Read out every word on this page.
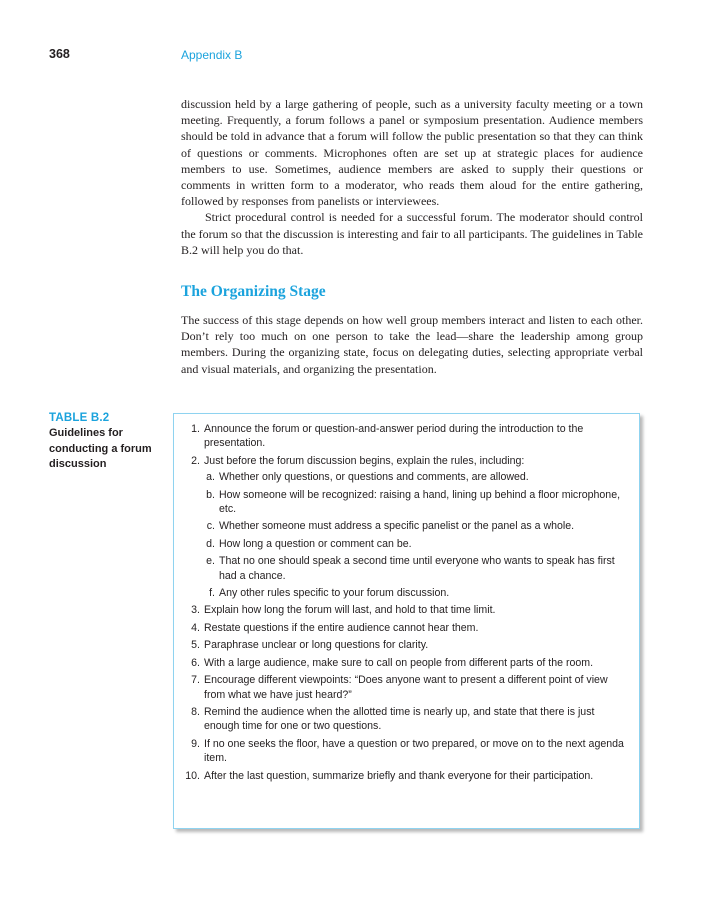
368	Appendix B

discussion held by a large gathering of people, such as a university faculty meeting or a town meeting. Frequently, a forum follows a panel or symposium presentation. Audience members should be told in advance that a forum will follow the public presentation so that they can think of questions or comments. Microphones often are set up at strategic places for audience members to use. Sometimes, audience members are asked to supply their questions or comments in written form to a moderator, who reads them aloud for the entire gathering, followed by responses from panelists or interviewees.

Strict procedural control is needed for a successful forum. The moderator should control the forum so that the discussion is interesting and fair to all participants. The guidelines in Table B.2 will help you do that.

The Organizing Stage

The success of this stage depends on how well group members interact and listen to each other. Don’t rely too much on one person to take the lead—share the leadership among group members. During the organizing state, focus on delegating duties, selecting appropriate verbal and visual materials, and organizing the presentation.

TABLE B.2

Guidelines for conducting a forum discussion

1. Announce the forum or question-and-answer period during the introduction to the presentation.
2. Just before the forum discussion begins, explain the rules, including:
a. Whether only questions, or questions and comments, are allowed.
b. How someone will be recognized: raising a hand, lining up behind a floor microphone, etc.
c. Whether someone must address a specific panelist or the panel as a whole.
d. How long a question or comment can be.
e. That no one should speak a second time until everyone who wants to speak has first had a chance.
f. Any other rules specific to your forum discussion.
3. Explain how long the forum will last, and hold to that time limit.
4. Restate questions if the entire audience cannot hear them.
5. Paraphrase unclear or long questions for clarity.
6. With a large audience, make sure to call on people from different parts of the room.
7. Encourage different viewpoints: “Does anyone want to present a different point of view from what we have just heard?”
8. Remind the audience when the allotted time is nearly up, and state that there is just enough time for one or two questions.
9. If no one seeks the floor, have a question or two prepared, or move on to the next agenda item.
10. After the last question, summarize briefly and thank everyone for their participation.
